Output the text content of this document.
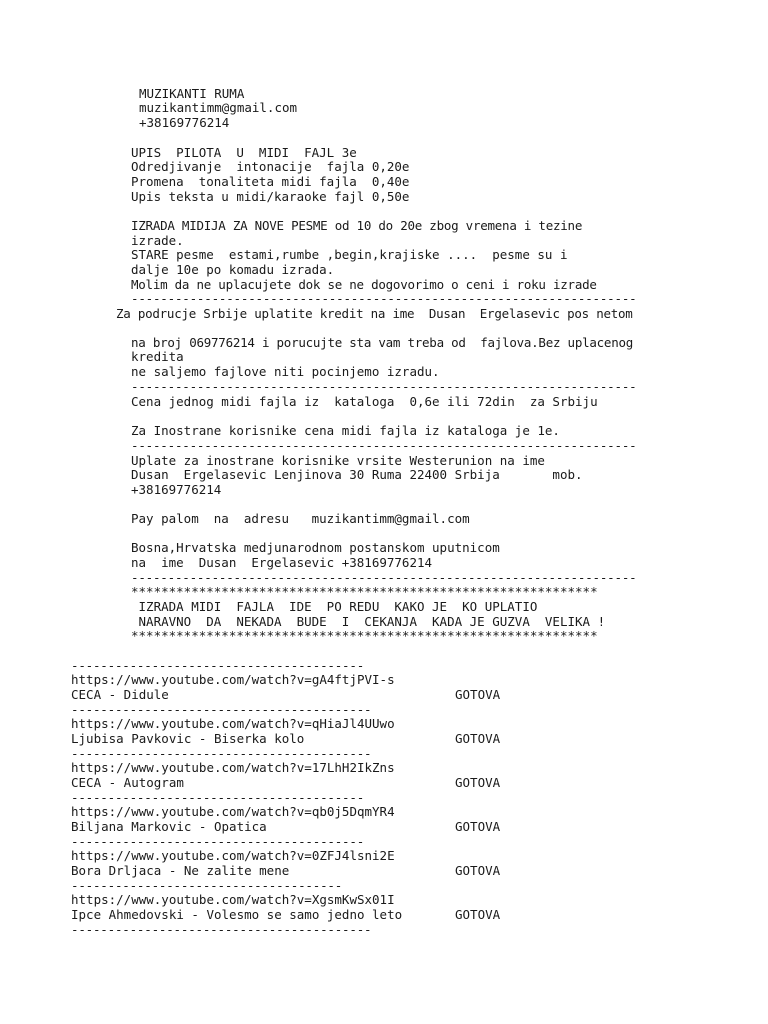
MUZIKANTI RUMA
muzikantimm@gmail.com
+38169776214
UPIS  PILOTA  U  MIDI  FAJL 3e
Odredjivanje  intonacije  fajla 0,20e
Promena  tonaliteta midi fajla  0,40e
Upis teksta u midi/karaoke fajl 0,50e
IZRADA MIDIJA ZA NOVE PESME od 10 do 20e zbog vremena i tezine
izrade.
STARE pesme  estami,rumbe ,begin,krajiske ....  pesme su i
dalje 10e po komadu izrada.
Molim da ne uplacujete dok se ne dogovorimo o ceni i roku izrade
---------------------------------------------------------------------
Za podrucje Srbije uplatite kredit na ime  Dusan  Ergelasevic pos netom
na broj 069776214 i porucujte sta vam treba od  fajlova.Bez uplacenog
kredita
ne saljemo fajlove niti pocinjemo izradu.
---------------------------------------------------------------------
Cena jednog midi fajla iz  kataloga  0,6e ili 72din  za Srbiju
Za Inostrane korisnike cena midi fajla iz kataloga je 1e.
---------------------------------------------------------------------
Uplate za inostrane korisnike vrsite Westerunion na ime
Dusan  Ergelasevic Lenjinova 30 Ruma 22400 Srbija       mob.
+38169776214
Pay palom  na  adresu   muzikantimm@gmail.com
Bosna,Hrvatska medjunarodnom postanskom uputnicom
na  ime  Dusan  Ergelasevic +38169776214
---------------------------------------------------------------------
**************************************************************
IZRADA MIDI  FAJLA  IDE  PO REDU  KAKO JE  KO UPLATIO
NARAVNO  DA  NEKADA  BUDE  I  CEKANJA  KADA JE GUZVA  VELIKA !
**************************************************************
----------------------------------------
https://www.youtube.com/watch?v=gA4ftjPVI-s
CECA - Didule	GOTOVA
-----------------------------------------
https://www.youtube.com/watch?v=qHiaJl4UUwo
Ljubisa Pavkovic - Biserka kolo	GOTOVA
-----------------------------------------
https://www.youtube.com/watch?v=17LhH2IkZns
CECA - Autogram	GOTOVA
----------------------------------------
https://www.youtube.com/watch?v=qb0j5DqmYR4
Biljana Markovic - Opatica	GOTOVA
----------------------------------------
https://www.youtube.com/watch?v=0ZFJ4lsni2E
Bora Drljaca - Ne zalite mene	GOTOVA
-------------------------------------
https://www.youtube.com/watch?v=XgsmKwSx01I
Ipce Ahmedovski - Volesmo se samo jedno leto	GOTOVA
-----------------------------------------
